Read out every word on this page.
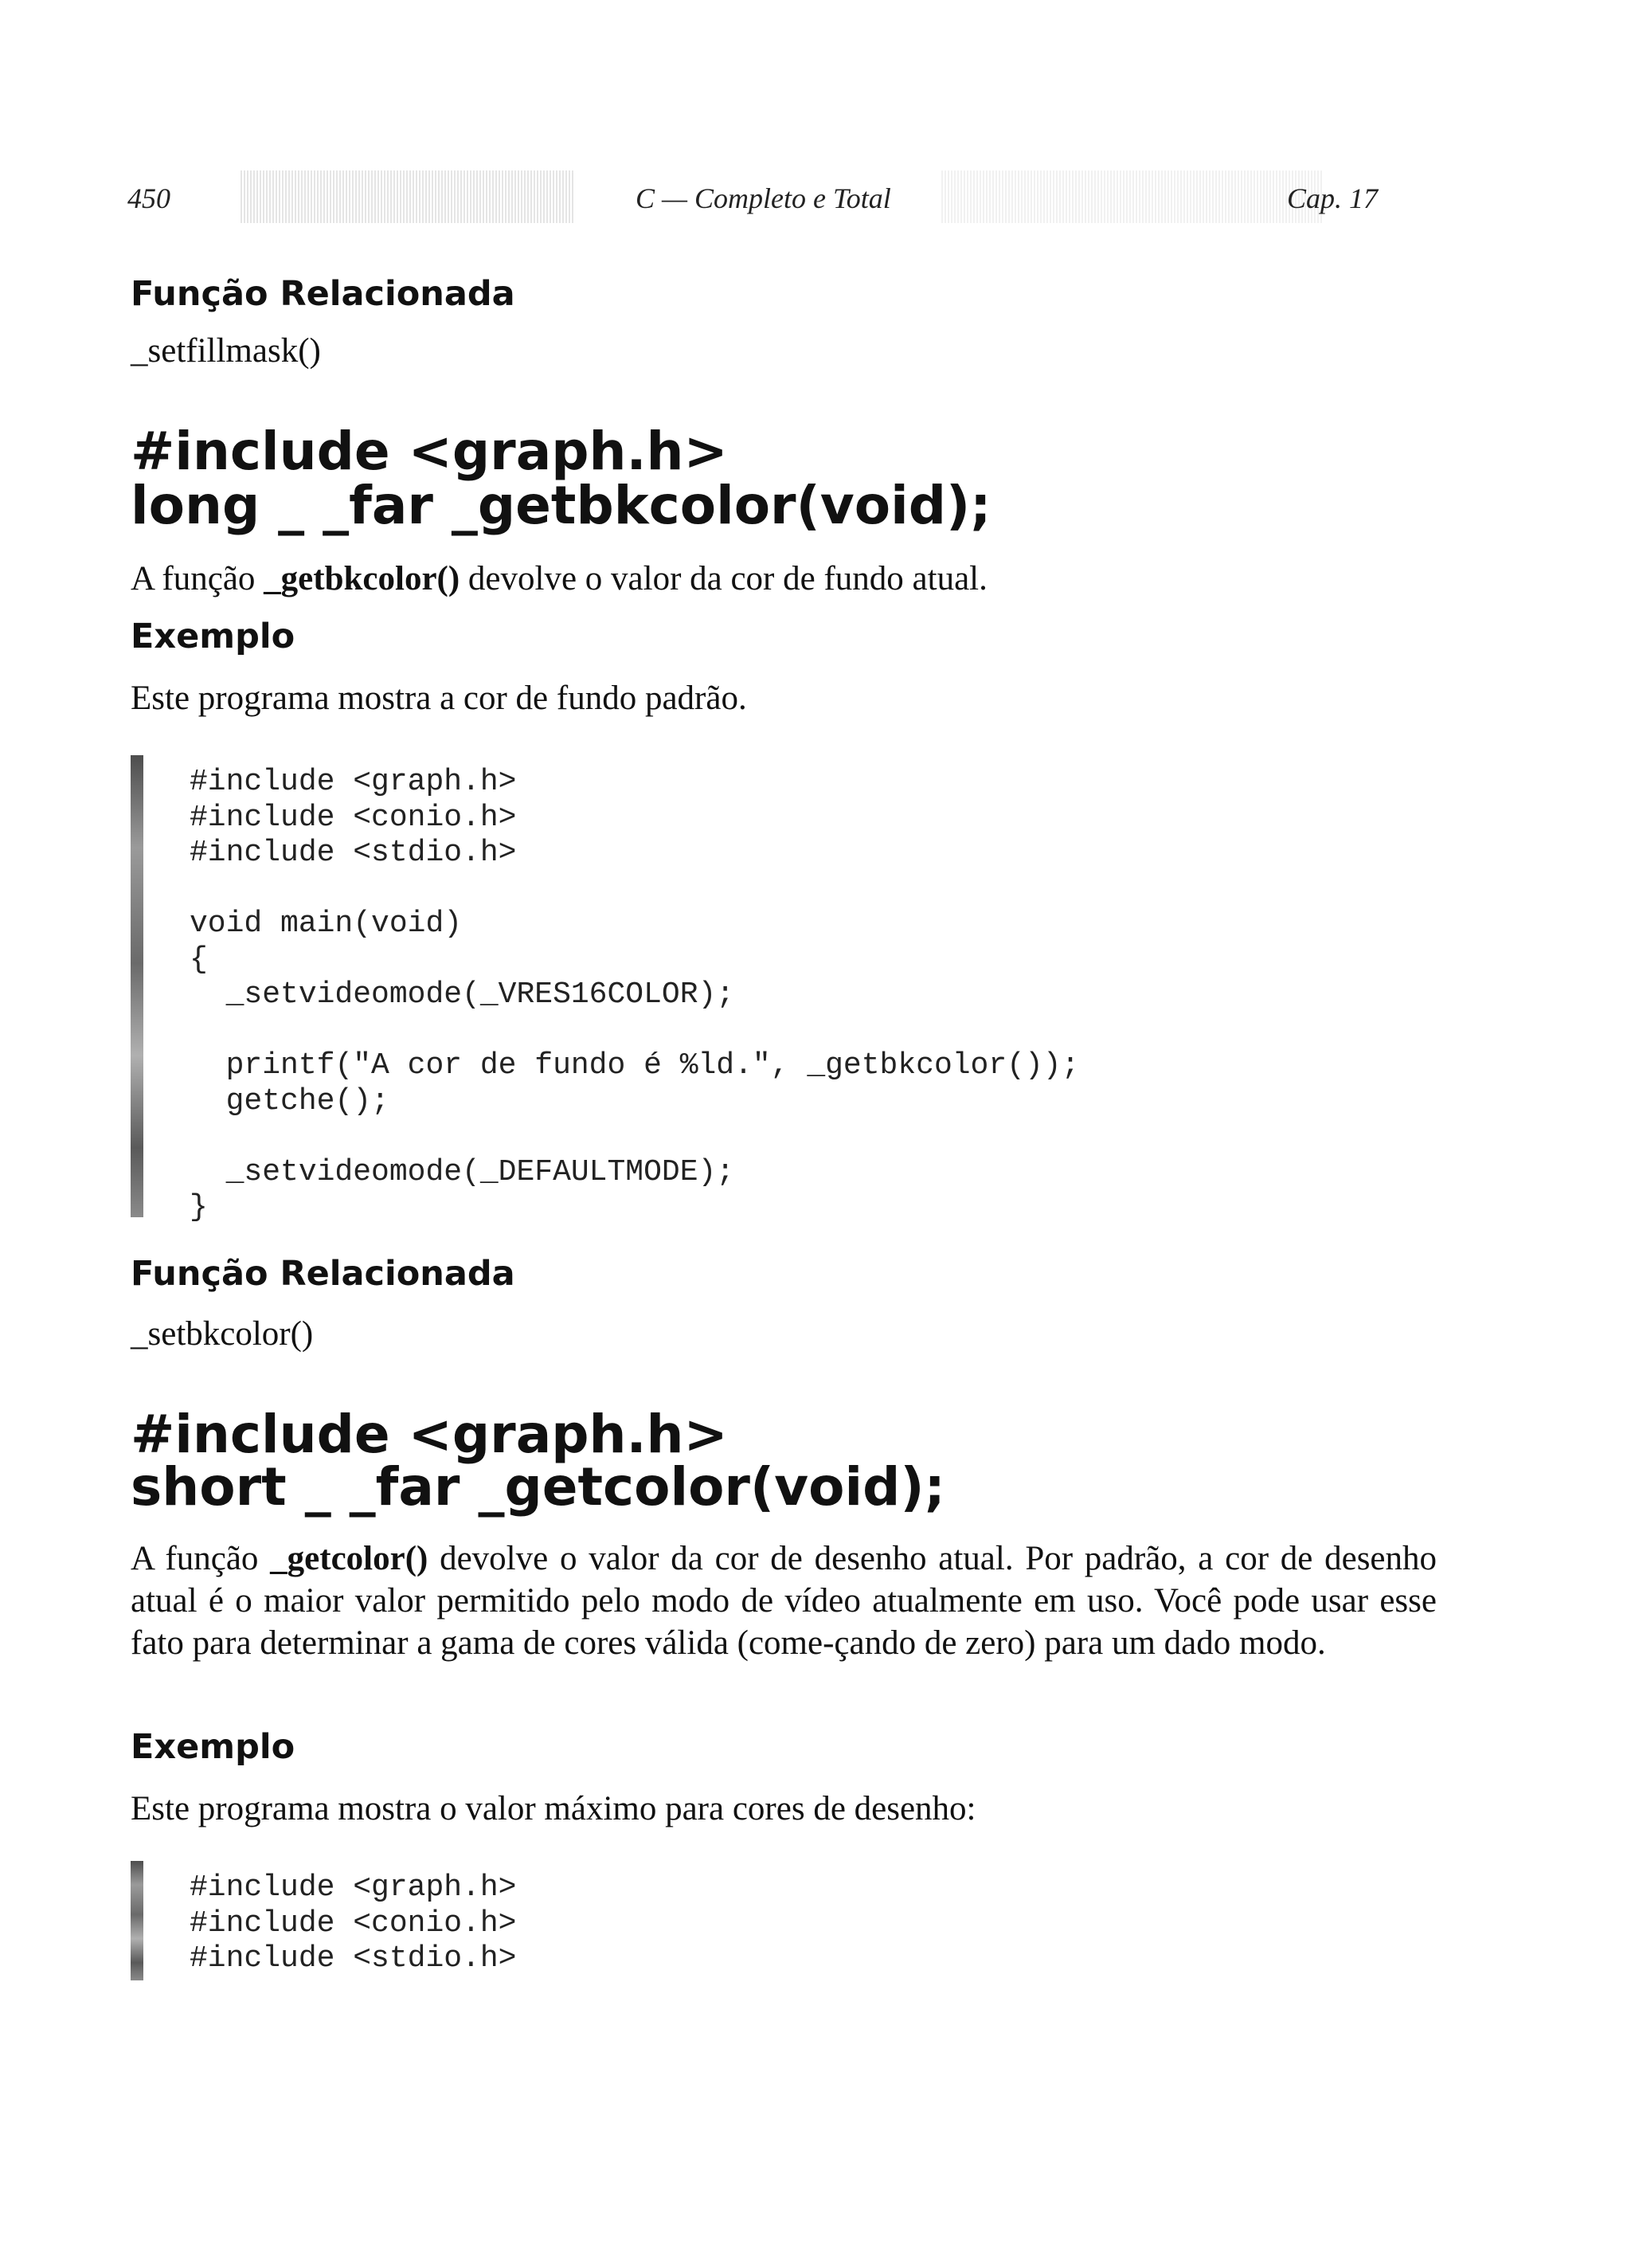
450	C — Completo e Total	Cap. 17
Função Relacionada
_setfillmask()
#include <graph.h>
long _ _far _getbkcolor(void);
A função _getbkcolor() devolve o valor da cor de fundo atual.
Exemplo
Este programa mostra a cor de fundo padrão.
#include <graph.h>
#include <conio.h>
#include <stdio.h>

void main(void)
{
_setvideomode(_VRES16COLOR);

printf("A cor de fundo é %ld.", _getbkcolor());
getche();

_setvideomode(_DEFAULTMODE);
}
Função Relacionada
_setbkcolor()
#include <graph.h>
short _ _far _getcolor(void);
A função _getcolor() devolve o valor da cor de desenho atual. Por padrão, a cor de desenho atual é o maior valor permitido pelo modo de vídeo atualmente em uso. Você pode usar esse fato para determinar a gama de cores válida (come-çando de zero) para um dado modo.
Exemplo
Este programa mostra o valor máximo para cores de desenho:
#include <graph.h>
#include <conio.h>
#include <stdio.h>
